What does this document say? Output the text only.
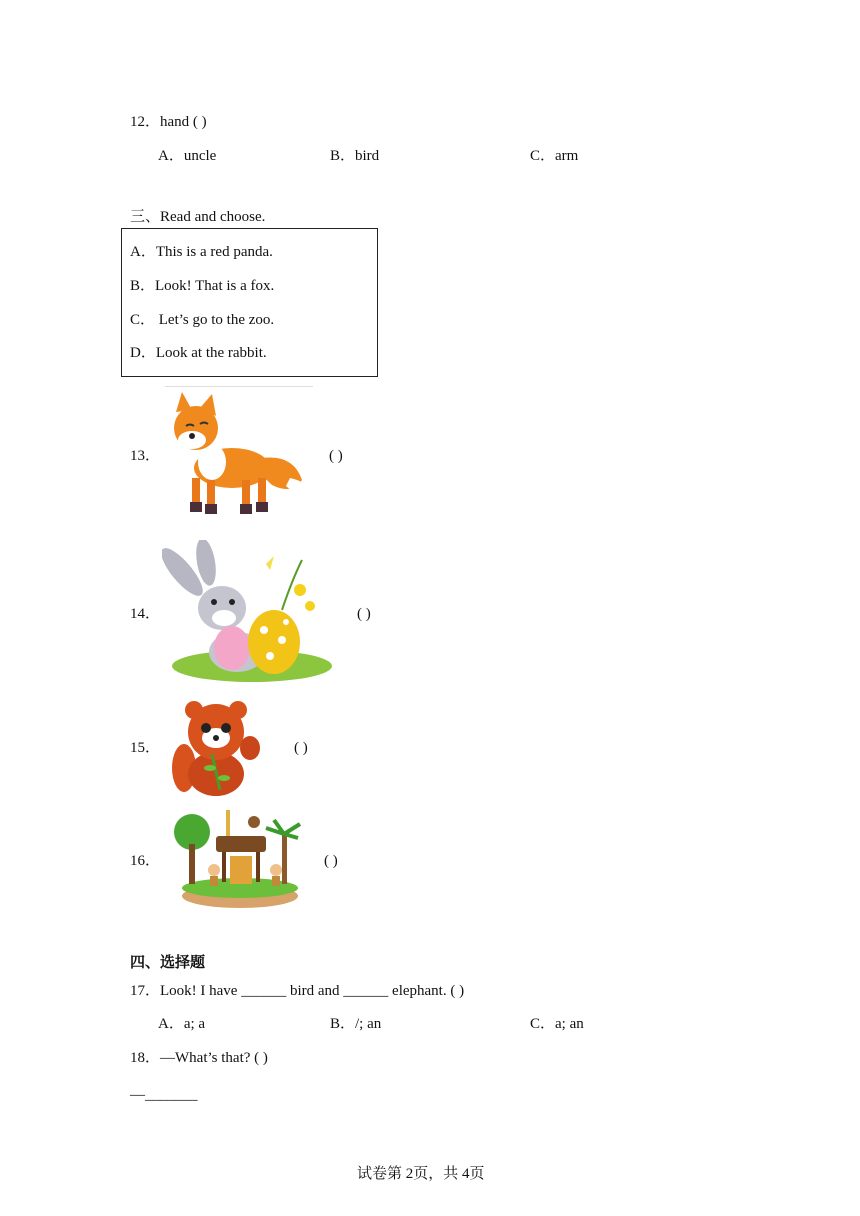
12．hand ( )
A．uncle	B．bird	C．arm
三、Read and choose.
A．This is a red panda.
B．Look! That is a fox.
C． Let’s go to the zoo.
D．Look at the rabbit.
13．	( )
14．	( )
15．	( )
16．	( )
四、选择题
17．Look! I have ______ bird and ______ elephant. ( )
A．a; a	B．/; an	C．a; an
18．—What’s that? ( )
—_______
试卷第 2页，共 4页
